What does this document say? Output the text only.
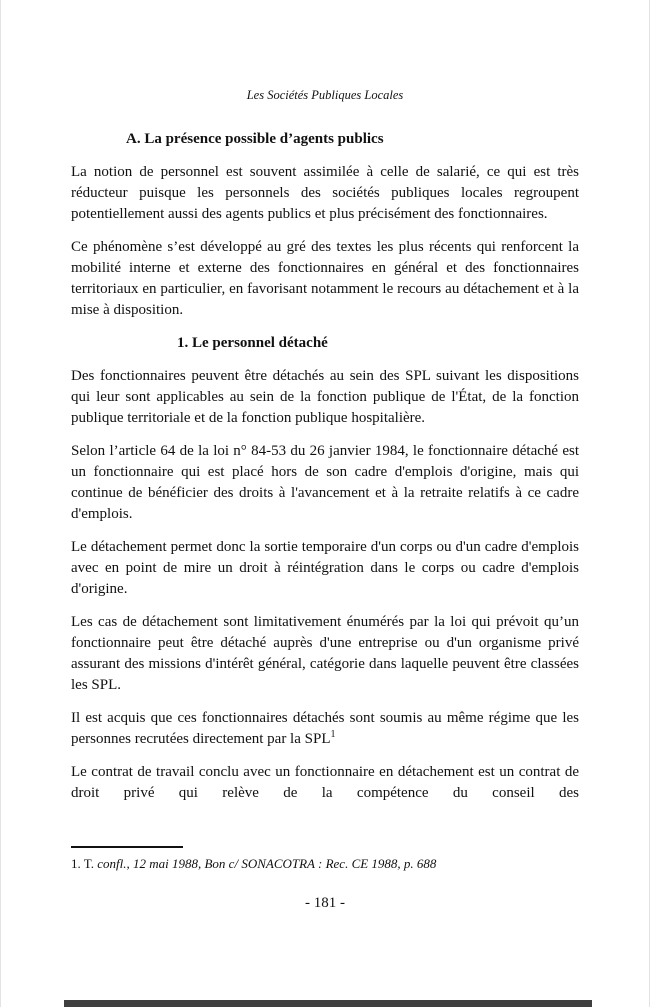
Les Sociétés Publiques Locales
A. La présence possible d’agents publics

La notion de personnel est souvent assimilée à celle de salarié, ce qui est très réducteur puisque les personnels des sociétés publiques locales regroupent potentiellement aussi des agents publics et plus précisément des fonctionnaires.

Ce phénomène s’est développé au gré des textes les plus récents qui renforcent la mobilité interne et externe des fonctionnaires en général et des fonctionnaires territoriaux en particulier, en favorisant notamment le recours au détachement et à la mise à disposition.

1. Le personnel détaché

Des fonctionnaires peuvent être détachés au sein des SPL suivant les dispositions qui leur sont applicables au sein de la fonction publique de l'État, de la fonction publique territoriale et de la fonction publique hospitalière.

Selon l’article 64 de la loi n° 84-53 du 26 janvier 1984, le fonctionnaire détaché est un fonctionnaire qui est placé hors de son cadre d'emplois d'origine, mais qui continue de bénéficier des droits à l'avancement et à la retraite relatifs à ce cadre d'emplois.

Le détachement permet donc la sortie temporaire d'un corps ou d'un cadre d'emplois avec en point de mire un droit à réintégration dans le corps ou cadre d'emplois d'origine.

Les cas de détachement sont limitativement énumérés par la loi qui prévoit qu’un fonctionnaire peut être détaché auprès d'une entreprise ou d'un organisme privé assurant des missions d'intérêt général, catégorie dans laquelle peuvent être classées les SPL.

Il est acquis que ces fonctionnaires détachés sont soumis au même régime que les personnes recrutées directement par la SPL$^1$

Le contrat de travail conclu avec un fonctionnaire en détachement est un contrat de droit privé qui relève de la compétence du conseil des

1. T. confl., 12 mai 1988, Bon c/ SONACOTRA : Rec. CE 1988, p. 688
- 181 -
